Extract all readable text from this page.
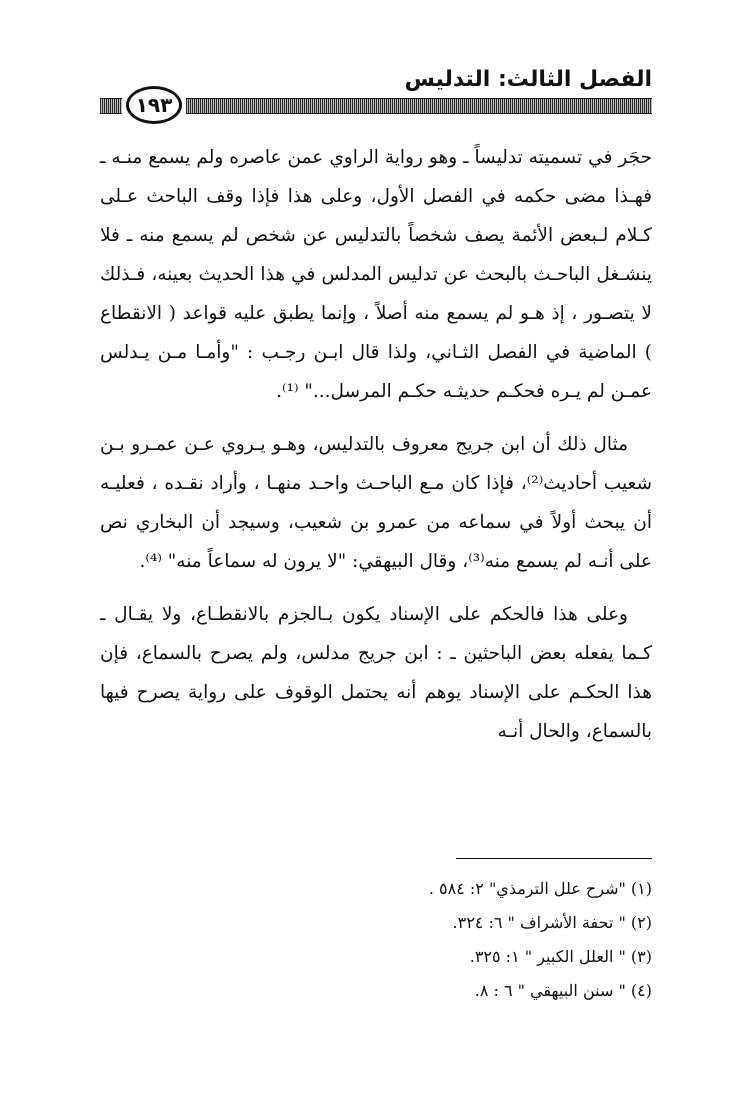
الفصل الثالث: التدليس
١٩٣

حجَر في تسميته تدليساً ـ وهو رواية الراوي عمن عاصره ولم يسمع منـه ـ فهـذا مضى حكمه في الفصل الأول، وعلى هذا فإذا وقف الباحث عـلى كـلام لـبعض الأئمة يصف شخصاً بالتدليس عن شخص لم يسمع منه ـ فلا ينشـغل الباحـث بالبحث عن تدليس المدلس في هذا الحديث بعينه، فـذلك لا يتصـور ، إذ هـو لم يسمع منه أصلاً ، وإنما يطبق عليه قواعد ( الانقطاع ) الماضية في الفصل الثـاني، ولذا قال ابـن رجـب : "وأمـا مـن يـدلس عمـن لم يـره فحكـم حديثـه حكـم المرسل..." ⁽¹⁾.

مثال ذلك أن ابن جريج معروف بالتدليس، وهـو يـروي عـن عمـرو بـن شعيب أحاديث⁽²⁾، فإذا كان مـع الباحـث واحـد منهـا ، وأراد نقـده ، فعليـه أن يبحث أولاً في سماعه من عمرو بن شعيب، وسيجد أن البخاري نص على أنـه لم يسمع منه⁽³⁾، وقال البيهقي: "لا يرون له سماعاً منه" ⁽⁴⁾.

وعلى هذا فالحكم على الإسناد يكون بـالجزم بالانقطـاع، ولا يقـال ـ كـما يفعله بعض الباحثين ـ : ابن جريج مدلس، ولم يصرح بالسماع، فإن هذا الحكـم على الإسناد يوهم أنه يحتمل الوقوف على رواية يصرح فيها بالسماع، والحال أنـه

(١) "شرح علل الترمذي" ٢: ٥٨٤ .
(٢) " تحفة الأشراف " ٦: ٣٢٤.
(٣) " العلل الكبير " ١: ٣٢٥.
(٤) " سنن البيهقي " ٦ : ٨.
